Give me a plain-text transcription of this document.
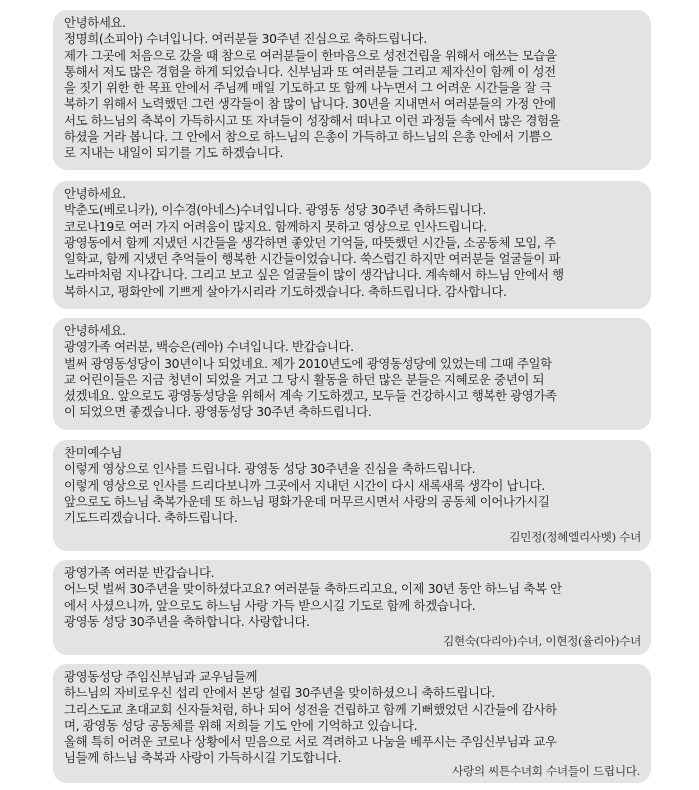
안녕하세요.
정명희(소피아) 수녀입니다. 여러분들 30주년 진심으로 축하드립니다.
제가 그곳에 처음으로 갔을 때 참으로 여러분들이 한마음으로 성전건립을 위해서 애쓰는 모습을
통해서 저도 많은 경험을 하게 되었습니다. 신부님과 또 여러분들 그리고 제자신이 함께 이 성전
을 짓기 위한 한 목표 안에서 주님께 매일 기도하고 또 함께 나누면서 그 어려운 시간들을 잘 극
복하기 위해서 노력했던 그런 생각들이 참 많이 납니다. 30년을 지내면서 여러분들의 가정 안에
서도 하느님의 축복이 가득하시고 또 자녀들이 성장해서 떠나고 이런 과정들 속에서 많은 경험을
하셨을 거라 봅니다. 그 안에서 참으로 하느님의 은총이 가득하고 하느님의 은총 안에서 기쁨으
로 지내는 내일이 되기를 기도 하겠습니다.
안녕하세요.
박춘도(베로니카), 이수경(아네스)수녀입니다. 광영동 성당 30주년 축하드립니다.
코로나19로 여러 가지 어려움이 많지요. 함께하지 못하고 영상으로 인사드립니다.
광영동에서 함께 지냈던 시간들을 생각하면 좋았던 기억들, 따뜻했던 시간들, 소공동체 모임, 주
일학교, 함께 지냈던 추억들이 행복한 시간들이었습니다. 쑥스럽긴 하지만 여러분들 얼굴들이 파
노라마처럼 지나갑니다. 그리고 보고 싶은 얼굴들이 많이 생각납니다. 계속해서 하느님 안에서 행
복하시고, 평화안에 기쁘게 살아가시리라 기도하겠습니다. 축하드립니다. 감사합니다.
안녕하세요.
광영가족 여러분, 백승은(레아) 수녀입니다. 반갑습니다.
벌써 광영동성당이 30년이나 되었네요. 제가 2010년도에 광영동성당에 있었는데 그때 주일학
교 어린이들은 지금 청년이 되었을 거고 그 당시 활동을 하던 많은 분들은 지혜로운 중년이 되
셨겠네요. 앞으로도 광영동성당을 위해서 계속 기도하겠고, 모두들 건강하시고 행복한 광영가족
이 되었으면 좋겠습니다. 광영동성당 30주년 축하드립니다.
찬미예수님
이렇게 영상으로 인사를 드립니다. 광영동 성당 30주년을 진심을 축하드립니다.
이렇게 영상으로 인사를 드리다보니까 그곳에서 지내던 시간이 다시 새록새록 생각이 납니다.
앞으로도 하느님 축복가운데 또 하느님 평화가운데 머무르시면서 사랑의 공동체 이어나가시길
기도드리겠습니다. 축하드립니다.
김민정(정혜엘리사벳) 수녀
광영가족 여러분 반갑습니다.
어느덧 벌써 30주년을 맞이하셨다고요? 여러분들 축하드리고요, 이제 30년 동안 하느님 축복 안
에서 사셨으니까, 앞으로도 하느님 사랑 가득 받으시길 기도로 함께 하겠습니다.
광영동 성당 30주년을 축하합니다. 사랑합니다.
김현숙(다리아)수녀, 이현정(율리아)수녀
광영동성당 주임신부님과 교우님들께
하느님의 자비로우신 섭리 안에서 본당 설립 30주년을 맞이하셨으니 축하드립니다.
그리스도교 초대교회 신자들처럼, 하나 되어 성전을 건립하고 함께 기뻐했었던 시간들에 감사하
며, 광영동 성당 공동체를 위해 저희들 기도 안에 기억하고 있습니다.
올해 특히 어려운 코로나 상황에서 믿음으로 서로 격려하고 나눔을 베푸시는 주임신부님과 교우
님들께 하느님 축복과 사랑이 가득하시길 기도합니다.
사랑의 씨튼수녀회 수녀들이 드립니다.
